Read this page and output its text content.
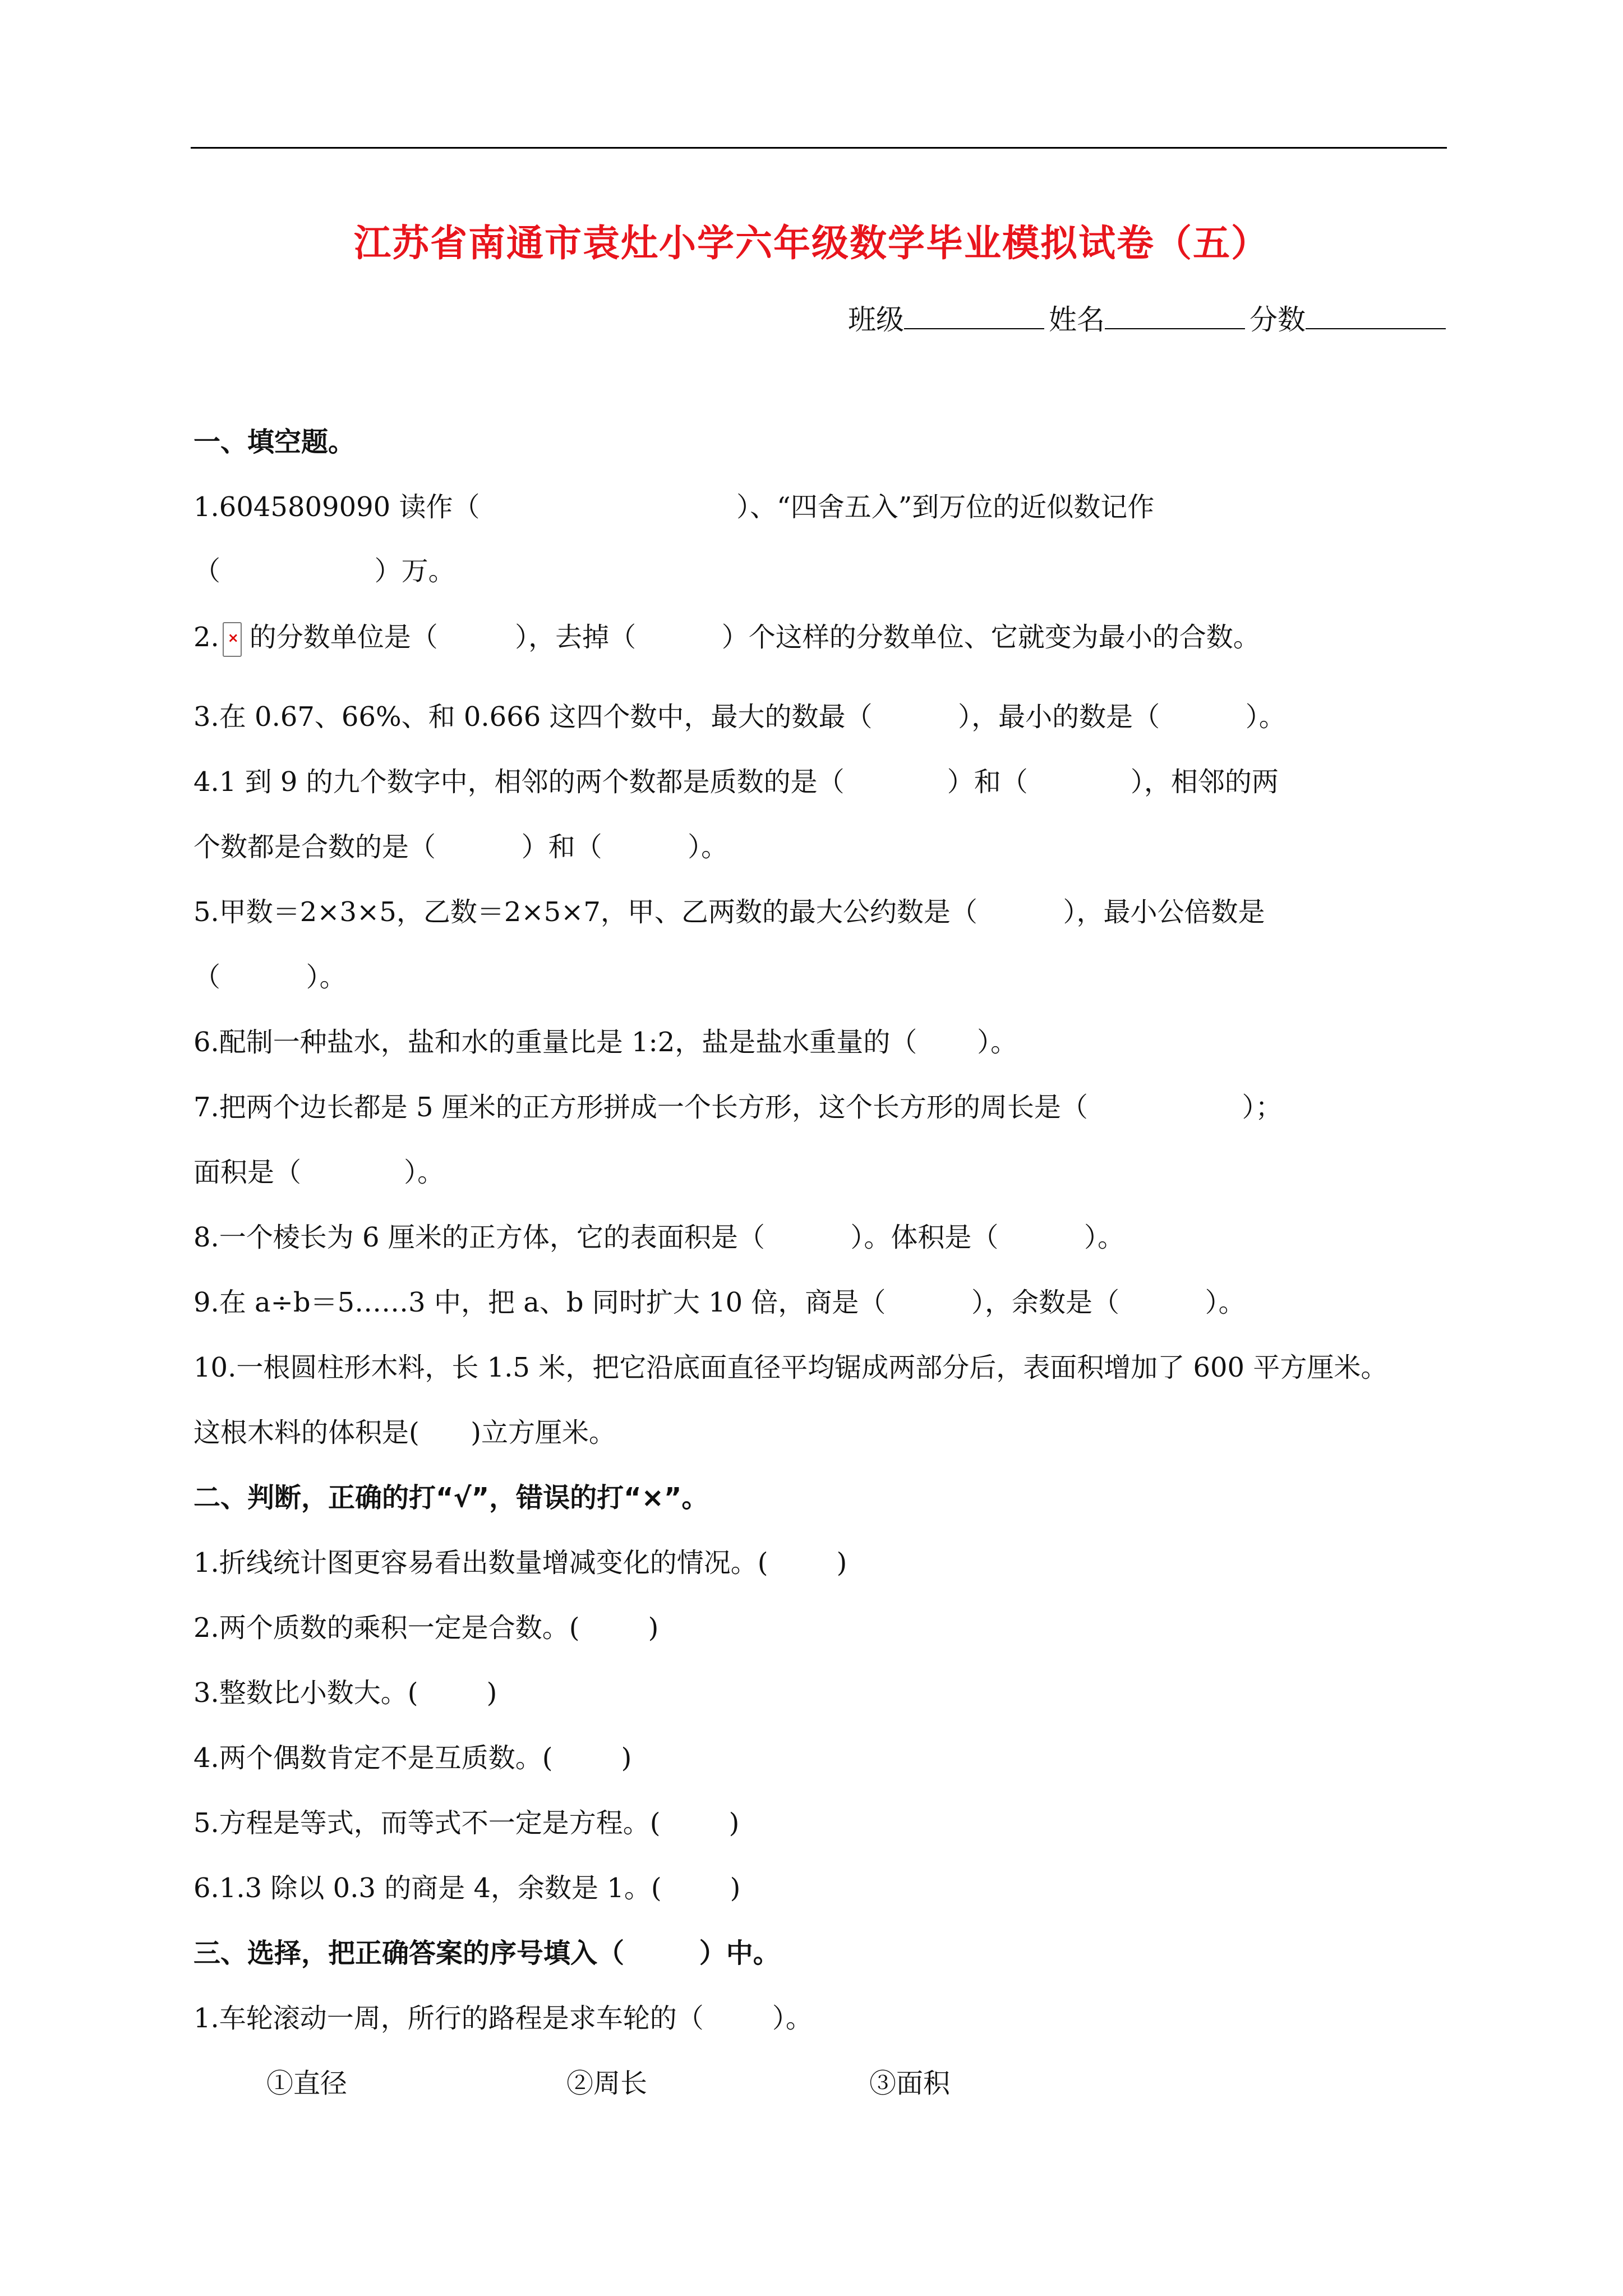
江苏省南通市袁灶小学六年级数学毕业模拟试卷（五）
班级	姓名	分数
一、填空题。
1.6045809090 读作（                              ）、“四舍五入”到万位的近似数记作
（                  ）万。
2. × 的分数单位是（         ），去掉（          ）个这样的分数单位、它就变为最小的合数。
3.在 0.67、66%、和 0.666 这四个数中，最大的数最（          ），最小的数是（          ）。
4.1 到 9 的九个数字中，相邻的两个数都是质数的是（            ）和（            ），相邻的两
个数都是合数的是（          ）和（          ）。
5.甲数＝2×3×5，乙数＝2×5×7，甲、乙两数的最大公约数是（          ），最小公倍数是
（          ）。
6.配制一种盐水，盐和水的重量比是 1:2，盐是盐水重量的（       ）。
7.把两个边长都是 5 厘米的正方形拼成一个长方形，这个长方形的周长是（                  ）；
面积是（            ）。
8.一个棱长为 6 厘米的正方体，它的表面积是（          ）。体积是（          ）。
9.在 a÷b＝5……3 中，把 a、b 同时扩大 10 倍，商是（          ），余数是（          ）。
10.一根圆柱形木料，长 1.5 米，把它沿底面直径平均锯成两部分后，表面积增加了 600 平方厘米。
这根木料的体积是(      )立方厘米。
二、判断，正确的打“√”，错误的打“×”。
1.折线统计图更容易看出数量增减变化的情况。(        )
2.两个质数的乘积一定是合数。(        )
3.整数比小数大。(        )
4.两个偶数肯定不是互质数。(        )
5.方程是等式，而等式不一定是方程。(        )
6.1.3 除以 0.3 的商是 4，余数是 1。(        )
三、选择，把正确答案的序号填入（        ）中。
1.车轮滚动一周，所行的路程是求车轮的（        ）。
①直径	②周长	③面积
